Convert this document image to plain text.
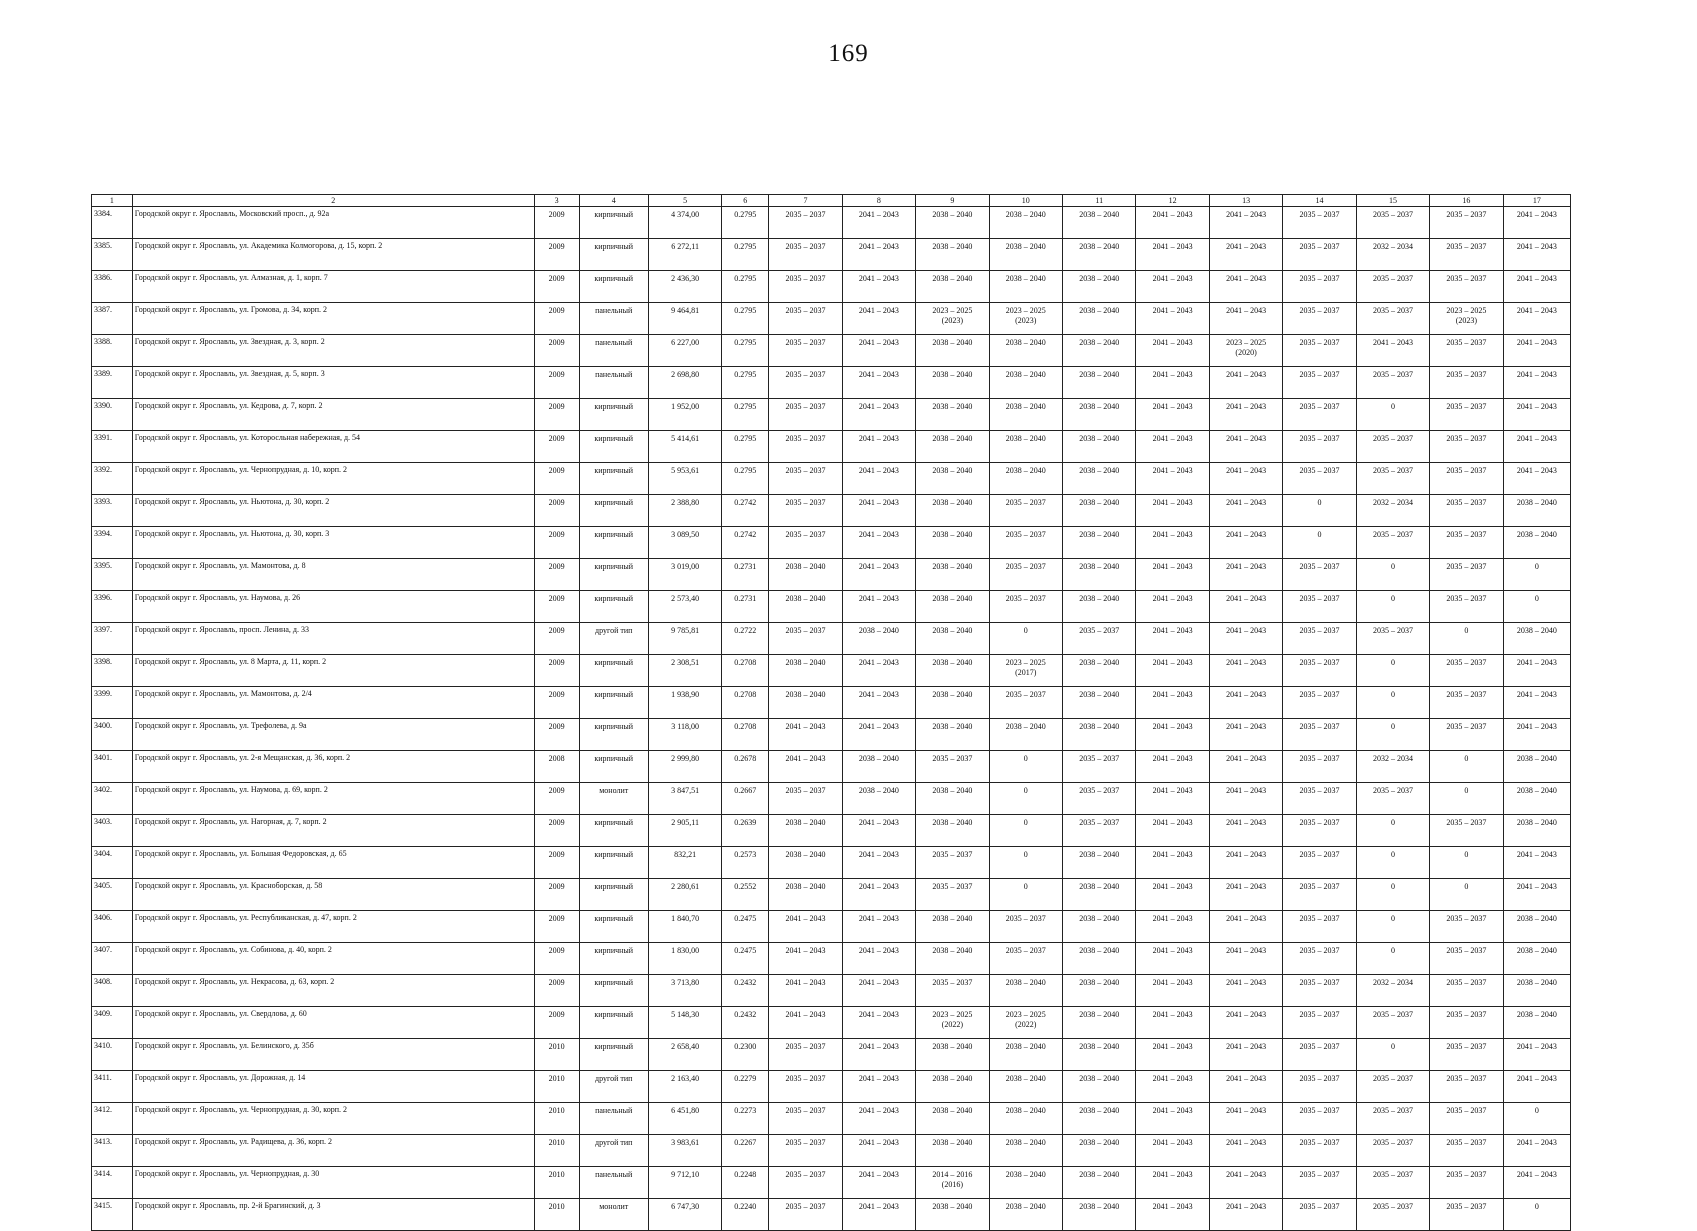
169
1	2	3	4	5	6	7	8	9	10	11	12	13	14	15	16	17
3384.	Городской округ г. Ярославль, Московский просп., д. 92а	2009	кирпичный	4 374,00	0.2795	2035 – 2037	2041 – 2043	2038 – 2040	2038 – 2040	2038 – 2040	2041 – 2043	2041 – 2043	2035 – 2037	2035 – 2037	2035 – 2037	2041 – 2043
3385.	Городской округ г. Ярославль, ул. Академика Колмогорова, д. 15, корп. 2	2009	кирпичный	6 272,11	0.2795	2035 – 2037	2041 – 2043	2038 – 2040	2038 – 2040	2038 – 2040	2041 – 2043	2041 – 2043	2035 – 2037	2032 – 2034	2035 – 2037	2041 – 2043
3386.	Городской округ г. Ярославль, ул. Алмазная, д. 1, корп. 7	2009	кирпичный	2 436,30	0.2795	2035 – 2037	2041 – 2043	2038 – 2040	2038 – 2040	2038 – 2040	2041 – 2043	2041 – 2043	2035 – 2037	2035 – 2037	2035 – 2037	2041 – 2043
3387.	Городской округ г. Ярославль, ул. Громова, д. 34, корп. 2	2009	панельный	9 464,81	0.2795	2035 – 2037	2041 – 2043	2023 – 2025
(2023)	2023 – 2025
(2023)	2038 – 2040	2041 – 2043	2041 – 2043	2035 – 2037	2035 – 2037	2023 – 2025
(2023)	2041 – 2043
3388.	Городской округ г. Ярославль, ул. Звездная, д. 3, корп. 2	2009	панельный	6 227,00	0.2795	2035 – 2037	2041 – 2043	2038 – 2040	2038 – 2040	2038 – 2040	2041 – 2043	2023 – 2025
(2020)	2035 – 2037	2041 – 2043	2035 – 2037	2041 – 2043
3389.	Городской округ г. Ярославль, ул. Звездная, д. 5, корп. 3	2009	панельный	2 698,80	0.2795	2035 – 2037	2041 – 2043	2038 – 2040	2038 – 2040	2038 – 2040	2041 – 2043	2041 – 2043	2035 – 2037	2035 – 2037	2035 – 2037	2041 – 2043
3390.	Городской округ г. Ярославль, ул. Кедрова, д. 7, корп. 2	2009	кирпичный	1 952,00	0.2795	2035 – 2037	2041 – 2043	2038 – 2040	2038 – 2040	2038 – 2040	2041 – 2043	2041 – 2043	2035 – 2037	0	2035 – 2037	2041 – 2043
3391.	Городской округ г. Ярославль, ул. Которосльная набережная, д. 54	2009	кирпичный	5 414,61	0.2795	2035 – 2037	2041 – 2043	2038 – 2040	2038 – 2040	2038 – 2040	2041 – 2043	2041 – 2043	2035 – 2037	2035 – 2037	2035 – 2037	2041 – 2043
3392.	Городской округ г. Ярославль, ул. Чернопрудная, д. 10, корп. 2	2009	кирпичный	5 953,61	0.2795	2035 – 2037	2041 – 2043	2038 – 2040	2038 – 2040	2038 – 2040	2041 – 2043	2041 – 2043	2035 – 2037	2035 – 2037	2035 – 2037	2041 – 2043
3393.	Городской округ г. Ярославль, ул. Ньютона, д. 30, корп. 2	2009	кирпичный	2 388,80	0.2742	2035 – 2037	2041 – 2043	2038 – 2040	2035 – 2037	2038 – 2040	2041 – 2043	2041 – 2043	0	2032 – 2034	2035 – 2037	2038 – 2040
3394.	Городской округ г. Ярославль, ул. Ньютона, д. 30, корп. 3	2009	кирпичный	3 089,50	0.2742	2035 – 2037	2041 – 2043	2038 – 2040	2035 – 2037	2038 – 2040	2041 – 2043	2041 – 2043	0	2035 – 2037	2035 – 2037	2038 – 2040
3395.	Городской округ г. Ярославль, ул. Мамонтова, д. 8	2009	кирпичный	3 019,00	0.2731	2038 – 2040	2041 – 2043	2038 – 2040	2035 – 2037	2038 – 2040	2041 – 2043	2041 – 2043	2035 – 2037	0	2035 – 2037	0
3396.	Городской округ г. Ярославль, ул. Наумова, д. 26	2009	кирпичный	2 573,40	0.2731	2038 – 2040	2041 – 2043	2038 – 2040	2035 – 2037	2038 – 2040	2041 – 2043	2041 – 2043	2035 – 2037	0	2035 – 2037	0
3397.	Городской округ г. Ярославль, просп. Ленина, д. 33	2009	другой тип	9 785,81	0.2722	2035 – 2037	2038 – 2040	2038 – 2040	0	2035 – 2037	2041 – 2043	2041 – 2043	2035 – 2037	2035 – 2037	0	2038 – 2040
3398.	Городской округ г. Ярославль, ул. 8 Марта, д. 11, корп. 2	2009	кирпичный	2 308,51	0.2708	2038 – 2040	2041 – 2043	2038 – 2040	2023 – 2025
(2017)	2038 – 2040	2041 – 2043	2041 – 2043	2035 – 2037	0	2035 – 2037	2041 – 2043
3399.	Городской округ г. Ярославль, ул. Мамонтова, д. 2/4	2009	кирпичный	1 938,90	0.2708	2038 – 2040	2041 – 2043	2038 – 2040	2035 – 2037	2038 – 2040	2041 – 2043	2041 – 2043	2035 – 2037	0	2035 – 2037	2041 – 2043
3400.	Городской округ г. Ярославль, ул. Трефолева, д. 9а	2009	кирпичный	3 118,00	0.2708	2041 – 2043	2041 – 2043	2038 – 2040	2038 – 2040	2038 – 2040	2041 – 2043	2041 – 2043	2035 – 2037	0	2035 – 2037	2041 – 2043
3401.	Городской округ г. Ярославль, ул. 2-я Мещанская, д. 36, корп. 2	2008	кирпичный	2 999,80	0.2678	2041 – 2043	2038 – 2040	2035 – 2037	0	2035 – 2037	2041 – 2043	2041 – 2043	2035 – 2037	2032 – 2034	0	2038 – 2040
3402.	Городской округ г. Ярославль, ул. Наумова, д. 69, корп. 2	2009	монолит	3 847,51	0.2667	2035 – 2037	2038 – 2040	2038 – 2040	0	2035 – 2037	2041 – 2043	2041 – 2043	2035 – 2037	2035 – 2037	0	2038 – 2040
3403.	Городской округ г. Ярославль, ул. Нагорная, д. 7, корп. 2	2009	кирпичный	2 905,11	0.2639	2038 – 2040	2041 – 2043	2038 – 2040	0	2035 – 2037	2041 – 2043	2041 – 2043	2035 – 2037	0	2035 – 2037	2038 – 2040
3404.	Городской округ г. Ярославль, ул. Большая Федоровская, д. 65	2009	кирпичный	832,21	0.2573	2038 – 2040	2041 – 2043	2035 – 2037	0	2038 – 2040	2041 – 2043	2041 – 2043	2035 – 2037	0	0	2041 – 2043
3405.	Городской округ г. Ярославль, ул. Красноборская, д. 58	2009	кирпичный	2 280,61	0.2552	2038 – 2040	2041 – 2043	2035 – 2037	0	2038 – 2040	2041 – 2043	2041 – 2043	2035 – 2037	0	0	2041 – 2043
3406.	Городской округ г. Ярославль, ул. Республиканская, д. 47, корп. 2	2009	кирпичный	1 840,70	0.2475	2041 – 2043	2041 – 2043	2038 – 2040	2035 – 2037	2038 – 2040	2041 – 2043	2041 – 2043	2035 – 2037	0	2035 – 2037	2038 – 2040
3407.	Городской округ г. Ярославль, ул. Собинова, д. 40, корп. 2	2009	кирпичный	1 830,00	0.2475	2041 – 2043	2041 – 2043	2038 – 2040	2035 – 2037	2038 – 2040	2041 – 2043	2041 – 2043	2035 – 2037	0	2035 – 2037	2038 – 2040
3408.	Городской округ г. Ярославль, ул. Некрасова, д. 63, корп. 2	2009	кирпичный	3 713,80	0.2432	2041 – 2043	2041 – 2043	2035 – 2037	2038 – 2040	2038 – 2040	2041 – 2043	2041 – 2043	2035 – 2037	2032 – 2034	2035 – 2037	2038 – 2040
3409.	Городской округ г. Ярославль, ул. Свердлова, д. 60	2009	кирпичный	5 148,30	0.2432	2041 – 2043	2041 – 2043	2023 – 2025
(2022)	2023 – 2025
(2022)	2038 – 2040	2041 – 2043	2041 – 2043	2035 – 2037	2035 – 2037	2035 – 2037	2038 – 2040
3410.	Городской округ г. Ярославль, ул. Белинского, д. 35б	2010	кирпичный	2 658,40	0.2300	2035 – 2037	2041 – 2043	2038 – 2040	2038 – 2040	2038 – 2040	2041 – 2043	2041 – 2043	2035 – 2037	0	2035 – 2037	2041 – 2043
3411.	Городской округ г. Ярославль, ул. Дорожная, д. 14	2010	другой тип	2 163,40	0.2279	2035 – 2037	2041 – 2043	2038 – 2040	2038 – 2040	2038 – 2040	2041 – 2043	2041 – 2043	2035 – 2037	2035 – 2037	2035 – 2037	2041 – 2043
3412.	Городской округ г. Ярославль, ул. Чернопрудная, д. 30, корп. 2	2010	панельный	6 451,80	0.2273	2035 – 2037	2041 – 2043	2038 – 2040	2038 – 2040	2038 – 2040	2041 – 2043	2041 – 2043	2035 – 2037	2035 – 2037	2035 – 2037	0
3413.	Городской округ г. Ярославль, ул. Радищева, д. 36, корп. 2	2010	другой тип	3 983,61	0.2267	2035 – 2037	2041 – 2043	2038 – 2040	2038 – 2040	2038 – 2040	2041 – 2043	2041 – 2043	2035 – 2037	2035 – 2037	2035 – 2037	2041 – 2043
3414.	Городской округ г. Ярославль, ул. Чернопрудная, д. 30	2010	панельный	9 712,10	0.2248	2035 – 2037	2041 – 2043	2014 – 2016
(2016)	2038 – 2040	2038 – 2040	2041 – 2043	2041 – 2043	2035 – 2037	2035 – 2037	2035 – 2037	2041 – 2043
3415.	Городской округ г. Ярославль, пр. 2-й Брагинский, д. 3	2010	монолит	6 747,30	0.2240	2035 – 2037	2041 – 2043	2038 – 2040	2038 – 2040	2038 – 2040	2041 – 2043	2041 – 2043	2035 – 2037	2035 – 2037	2035 – 2037	0
